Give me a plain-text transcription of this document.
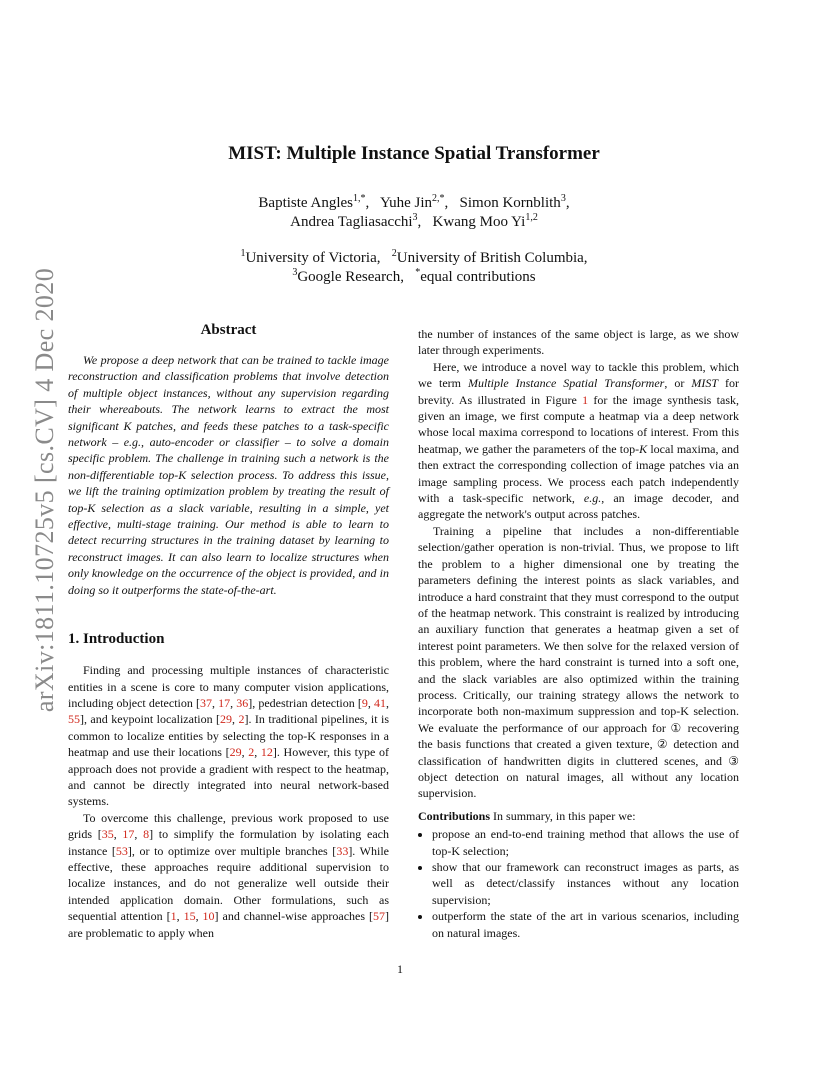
arXiv:1811.10725v5 [cs.CV] 4 Dec 2020
MIST: Multiple Instance Spatial Transformer
Baptiste Angles$^{1,*}$,   Yuhe Jin$^{2,*}$,   Simon Kornblith$^3$,
Andrea Tagliasacchi$^3$,   Kwang Moo Yi$^{1,2}$
$^1$University of Victoria, $^2$University of British Columbia,
$^3$Google Research, *equal contributions
Abstract

We propose a deep network that can be trained to tackle image reconstruction and classification problems that involve detection of multiple object instances, without any supervision regarding their whereabouts. The network learns to extract the most significant K patches, and feeds these patches to a task-specific network – e.g., auto-encoder or classifier – to solve a domain specific problem. The challenge in training such a network is the non-differentiable top-K selection process. To address this issue, we lift the training optimization problem by treating the result of top-K selection as a slack variable, resulting in a simple, yet effective, multi-stage training. Our method is able to learn to detect recurring structures in the training dataset by learning to reconstruct images. It can also learn to localize structures when only knowledge on the occurrence of the object is provided, and in doing so it outperforms the state-of-the-art.

1. Introduction

Finding and processing multiple instances of characteristic entities in a scene is core to many computer vision applications, including object detection [37, 17, 36], pedestrian detection [9, 41, 55], and keypoint localization [29, 2]. In traditional pipelines, it is common to localize entities by selecting the top-K responses in a heatmap and use their locations [29, 2, 12]. However, this type of approach does not provide a gradient with respect to the heatmap, and cannot be directly integrated into neural network-based systems.

To overcome this challenge, previous work proposed to use grids [35, 17, 8] to simplify the formulation by isolating each instance [53], or to optimize over multiple branches [33]. While effective, these approaches require additional supervision to localize instances, and do not generalize well outside their intended application domain. Other formulations, such as sequential attention [1, 15, 10] and channel-wise approaches [57] are problematic to apply when

the number of instances of the same object is large, as we show later through experiments.

Here, we introduce a novel way to tackle this problem, which we term Multiple Instance Spatial Transformer, or MIST for brevity. As illustrated in Figure 1 for the image synthesis task, given an image, we first compute a heatmap via a deep network whose local maxima correspond to locations of interest. From this heatmap, we gather the parameters of the top-K local maxima, and then extract the corresponding collection of image patches via an image sampling process. We process each patch independently with a task-specific network, e.g., an image decoder, and aggregate the network's output across patches.

Training a pipeline that includes a non-differentiable selection/gather operation is non-trivial. Thus, we propose to lift the problem to a higher dimensional one by treating the parameters defining the interest points as slack variables, and introduce a hard constraint that they must correspond to the output of the heatmap network. This constraint is realized by introducing an auxiliary function that generates a heatmap given a set of interest point parameters. We then solve for the relaxed version of this problem, where the hard constraint is turned into a soft one, and the slack variables are also optimized within the training process. Critically, our training strategy allows the network to incorporate both non-maximum suppression and top-K selection. We evaluate the performance of our approach for ① recovering the basis functions that created a given texture, ② detection and classification of handwritten digits in cluttered scenes, and ③ object detection on natural images, all without any location supervision.

Contributions In summary, in this paper we:

• propose an end-to-end training method that allows the use of top-K selection;
• show that our framework can reconstruct images as parts, as well as detect/classify instances without any location supervision;
• outperform the state of the art in various scenarios, including on natural images.
1
